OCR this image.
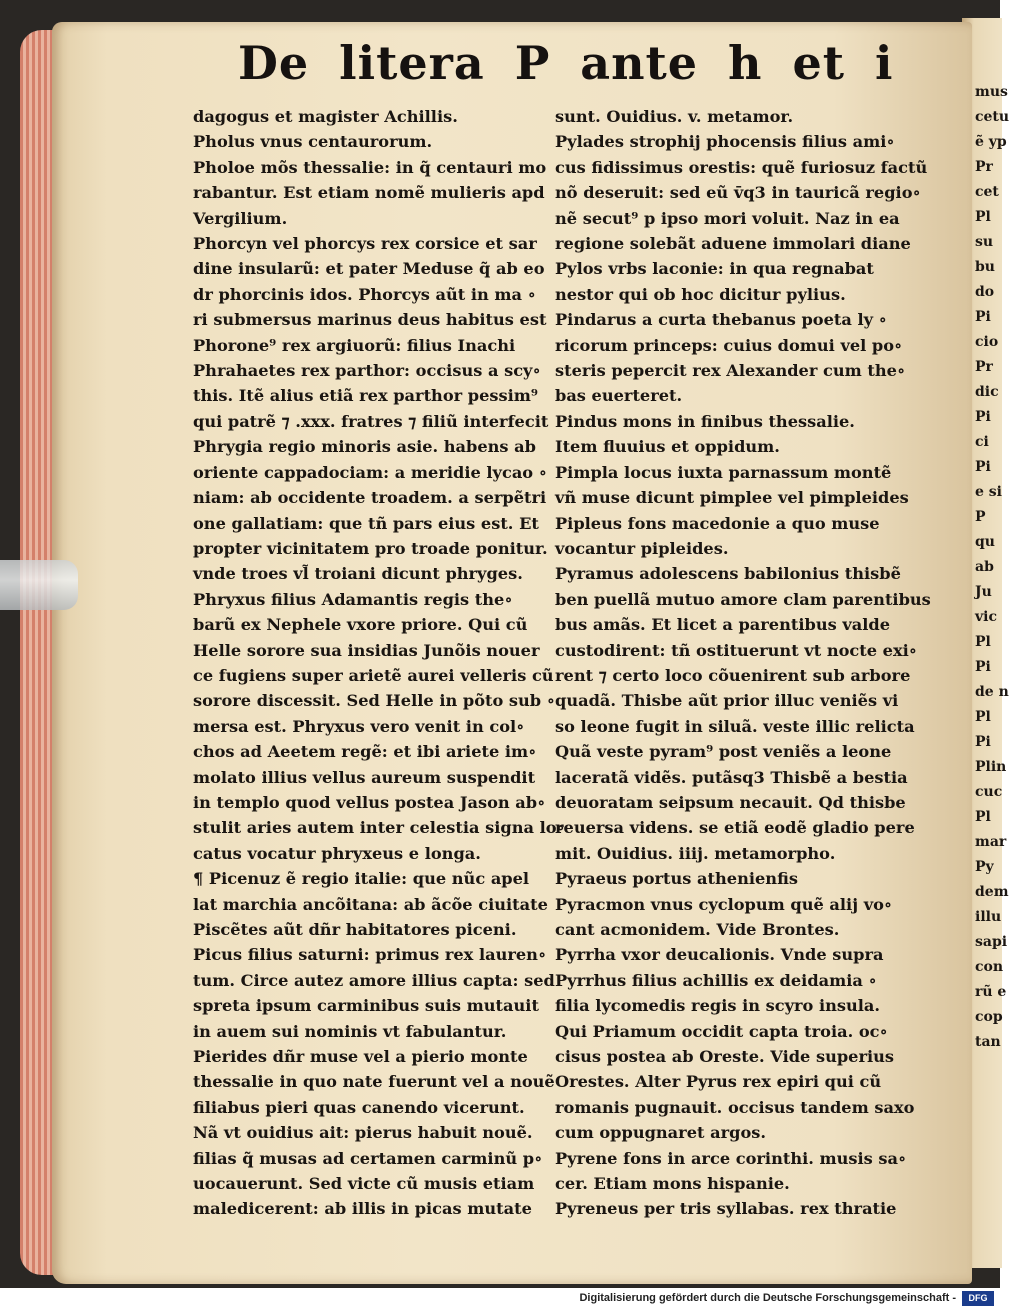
mus
cetu
ẽ yp
Pr
cet
Pl
su
bu
do
Pi
cio
Pr
dic
Pi
ci
Pi
e si
P
qu
ab
Ju
vic
Pl
Pi
de n
Pl
Pi
Plin
cuc
Pl
mar
Py
dem
illu
sapi
con
rũ e
cop
tan
De litera P ante h et i
dagogus et magister Achillis.
Pholus vnus centaurorum.
Pholoe mõs thessalie: in q̃ centauri mo
rabantur. Est etiam nomẽ mulieris apd
Vergilium.
Phorcyn vel phorcys rex corsice et sar
dine insularũ: et pater Meduse q̃ ab eo
dr phorcinis idos. Phorcys aũt in ma ∘
ri submersus marinus deus habitus est
Phorone⁹ rex argiuorũ: filius Inachi
Phrahaetes rex parthor: occisus a scy∘
this. Itẽ alius etiã rex parthor pessim⁹
qui patrẽ ⁊ .xxx. fratres ⁊ filiũ interfecit
Phrygia regio minoris asie. habens ab
oriente cappadociam: a meridie lycao ∘
niam: ab occidente troadem. a serpẽtri
one gallatiam: que tñ pars eius est. Et
propter vicinitatem pro troade ponitur.
vnde troes vl̃ troiani dicunt phryges.
Phryxus filius Adamantis regis the∘
barũ ex Nephele vxore priore. Qui cũ
Helle sorore sua insidias Junõis nouer
ce fugiens super arietẽ aurei velleris cũ
sorore discessit. Sed Helle in põto sub ∘
mersa est. Phryxus vero venit in col∘
chos ad Aeetem regẽ: et ibi ariete im∘
molato illius vellus aureum suspendit
in templo quod vellus postea Jason ab∘
stulit aries autem inter celestia signa lo∘
catus vocatur phryxeus e longa.
¶ Picenuz ẽ regio italie: que nũc apel
lat marchia ancõitana: ab ãcõe ciuitate
Piscẽtes aũt dñr habitatores piceni.
Picus filius saturni: primus rex lauren∘
tum. Circe autez amore illius capta: sed
spreta ipsum carminibus suis mutauit
in auem sui nominis vt fabulantur.
Pierides dñr muse vel a pierio monte
thessalie in quo nate fuerunt vel a nouẽ
filiabus pieri quas canendo vicerunt.
Nã vt ouidius ait: pierus habuit nouẽ.
filias q̃ musas ad certamen carminũ p∘
uocauerunt. Sed victe cũ musis etiam
maledicerent: ab illis in picas mutate
sunt. Ouidius. v. metamor.
Pylades strophij phocensis filius ami∘
cus fidissimus orestis: quẽ furiosuz factũ
nõ deseruit: sed eũ v̄q3 in tauricã regio∘
nẽ secut⁹ p ipso mori voluit. Naz in ea
regione solebãt aduene immolari diane
Pylos vrbs laconie: in qua regnabat
nestor qui ob hoc dicitur pylius.
Pindarus a curta thebanus poeta ly ∘
ricorum princeps: cuius domui vel po∘
steris pepercit rex Alexander cum the∘
bas euerteret.
Pindus mons in finibus thessalie.
Item fluuius et oppidum.
Pimpla locus iuxta parnassum montẽ
vñ muse dicunt pimplee vel pimpleides
Pipleus fons macedonie a quo muse
vocantur pipleides.
Pyramus adolescens babilonius thisbẽ
ben puellã mutuo amore clam parentibus
bus amãs. Et licet a parentibus valde
custodirent: tñ ostituerunt vt nocte exi∘
rent ⁊ certo loco cõuenirent sub arbore
quadã. Thisbe aũt prior illuc veniẽs vi
so leone fugit in siluã. veste illic relicta
Quã veste pyram⁹ post veniẽs a leone
laceratã vidẽs. putãsq3 Thisbẽ a bestia
deuoratam seipsum necauit. Qd thisbe
reuersa videns. se etiã eodẽ gladio pere
mit. Ouidius. iiij. metamorpho.
Pyraeus portus athenienfis
Pyracmon vnus cyclopum quẽ alij vo∘
cant acmonidem. Vide Brontes.
Pyrrha vxor deucalionis. Vnde supra
Pyrrhus filius achillis ex deidamia ∘
filia lycomedis regis in scyro insula.
Qui Priamum occidit capta troia. oc∘
cisus postea ab Oreste. Vide superius
Orestes. Alter Pyrus rex epiri qui cũ
romanis pugnauit. occisus tandem saxo
cum oppugnaret argos.
Pyrene fons in arce corinthi. musis sa∘
cer. Etiam mons hispanie.
Pyreneus per tris syllabas. rex thratie
Digitalisierung gefördert durch die Deutsche Forschungsgemeinschaft -	DFG
